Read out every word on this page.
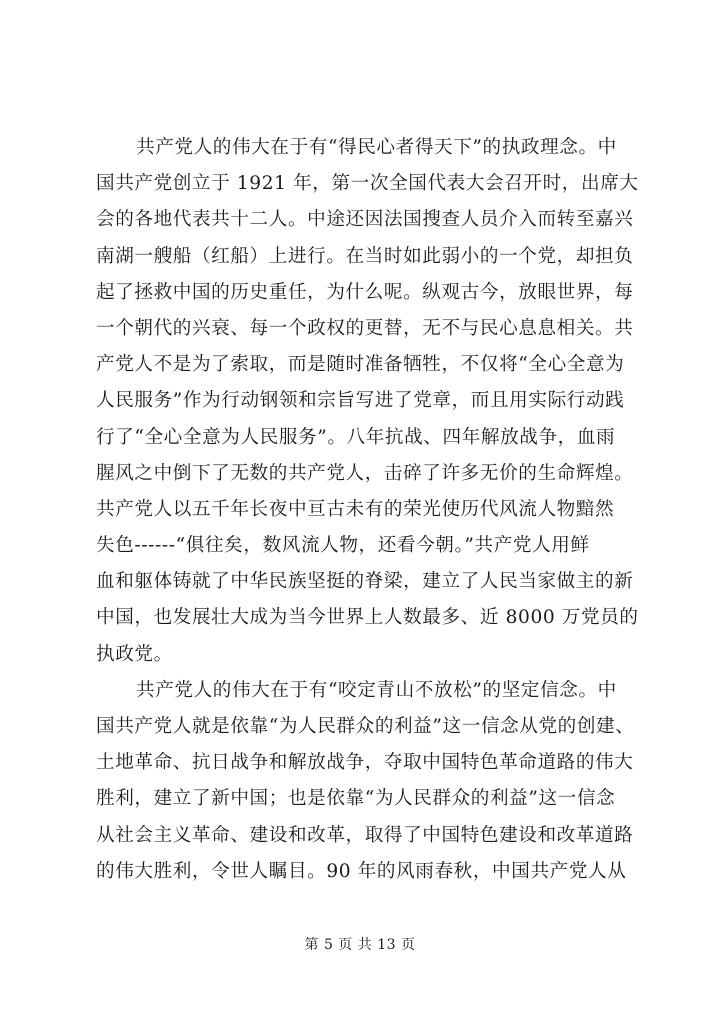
共产党人的伟大在于有“得民心者得天下”的执政理念。中
国共产党创立于 1921 年，第一次全国代表大会召开时，出席大
会的各地代表共十二人。中途还因法国搜查人员介入而转至嘉兴
南湖一艘船（红船）上进行。在当时如此弱小的一个党，却担负
起了拯救中国的历史重任，为什么呢。纵观古今，放眼世界，每
一个朝代的兴衰、每一个政权的更替，无不与民心息息相关。共
产党人不是为了索取，而是随时准备牺牲，不仅将“全心全意为
人民服务”作为行动钢领和宗旨写进了党章，而且用实际行动践
行了“全心全意为人民服务”。八年抗战、四年解放战争，血雨
腥风之中倒下了无数的共产党人，击碎了许多无价的生命辉煌。
共产党人以五千年长夜中亘古未有的荣光使历代风流人物黯然
失色------“俱往矣，数风流人物，还看今朝。”共产党人用鲜
血和躯体铸就了中华民族坚挺的脊梁，建立了人民当家做主的新
中国，也发展壮大成为当今世界上人数最多、近 8000 万党员的
执政党。
共产党人的伟大在于有“咬定青山不放松”的坚定信念。中
国共产党人就是依靠“为人民群众的利益”这一信念从党的创建、
土地革命、抗日战争和解放战争，夺取中国特色革命道路的伟大
胜利，建立了新中国；也是依靠“为人民群众的利益”这一信念
从社会主义革命、建设和改革，取得了中国特色建设和改革道路
的伟大胜利，令世人瞩目。90 年的风雨春秋，中国共产党人从
第 5 页 共 13 页
